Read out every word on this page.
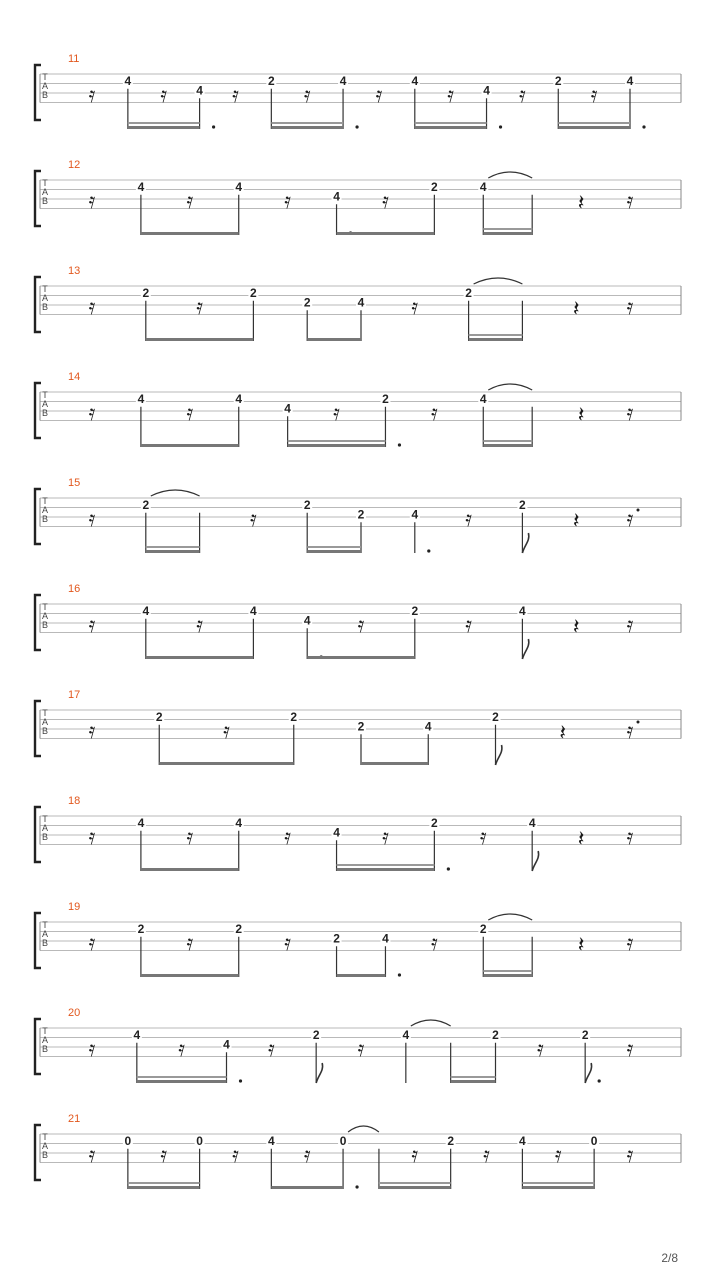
11
T
A
B 𝄿
4
𝄿 4 𝄿
2
𝄿
4
𝄿
4
𝄿 4 𝄿
2
𝄿
4
12
T
A
B 𝄿
4
𝄿
4
𝄿	4 𝄿
2	4
𝄽 𝄿
13
T
A
B 𝄿
2
𝄿
2
2	4 𝄿
2
𝄽 𝄿
14
T
A
B 𝄿
4
𝄿
4
4 𝄿
2
𝄿
4
𝄽 𝄿
15
T
A
B 𝄿
2
𝄿
2
2	4 𝄿
2
𝄽 𝄿
16
T
A
B 𝄿
4
𝄿
4
4 𝄿
2
𝄿
4
𝄽 𝄿
17
T
A
B 𝄿
2
𝄿
2
2	4
2
𝄽	𝄿
18
T
A
B 𝄿
4
𝄿
4
𝄿	4 𝄿
2
𝄿
4
𝄽 𝄿
19
T
A
B 𝄿
2
𝄿
2
𝄿	2	4 𝄿
2
𝄽 𝄿
20
T
A
B 𝄿
4
𝄿	4 𝄿
2
𝄿
4	2
𝄿
2
𝄿
21
T
A
B 𝄿
0
𝄿
0
𝄿
4
𝄿
0
𝄿
2
𝄿
4
𝄿
0
𝄿
2/8
